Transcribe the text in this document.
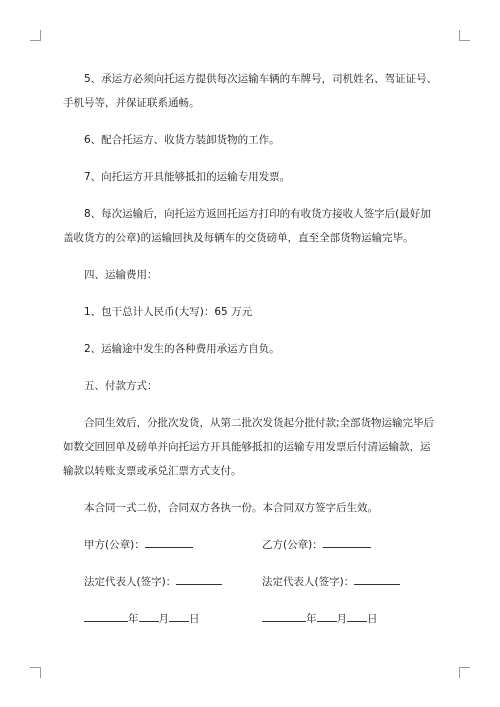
5、承运方必须向托运方提供每次运输车辆的车牌号，司机姓名、驾证证号、手机号等，并保证联系通畅。

6、配合托运方、收货方装卸货物的工作。

7、向托运方开具能够抵扣的运输专用发票。

8、每次运输后，向托运方返回托运方打印的有收货方接收人签字后(最好加盖收货方的公章)的运输回执及每辆车的交货磅单，直至全部货物运输完毕。

四、运输费用：

1、包干总计人民币(大写)：65 万元

2、运输途中发生的各种费用承运方自负。

五、付款方式：

合同生效后，分批次发货，从第二批次发货起分批付款;全部货物运输完毕后如数交回回单及磅单并向托运方开具能够抵扣的运输专用发票后付清运输款，运输款以转账支票或承兑汇票方式支付。

本合同一式二份，合同双方各执一份。本合同双方签字后生效。

甲方(公章)：	乙方(公章)：
法定代表人(签字)：	法定代表人(签字)：
年 月 日	年 月 日
